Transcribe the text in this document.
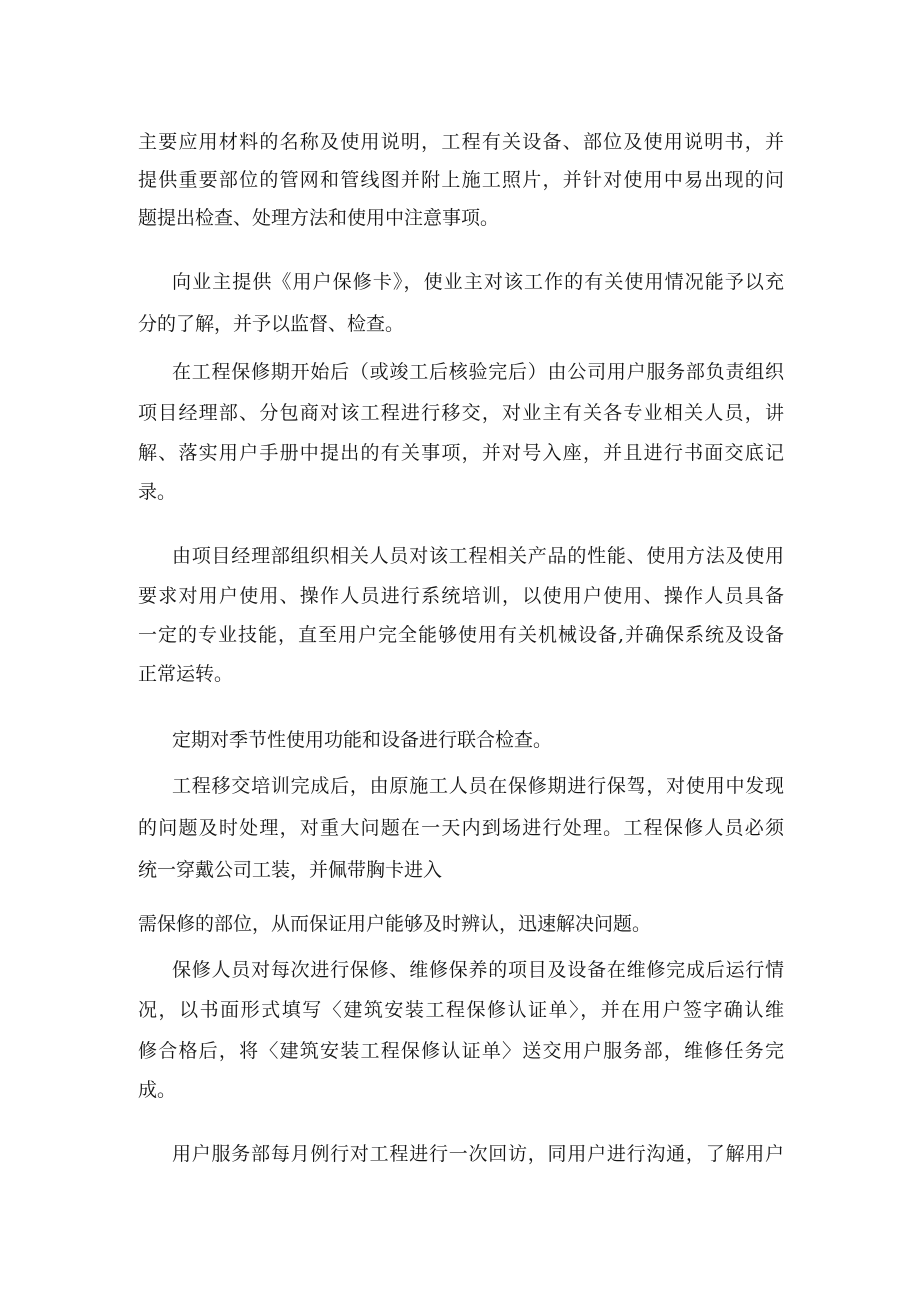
主要应用材料的名称及使用说明，工程有关设备、部位及使用说明书，并
提供重要部位的管网和管线图并附上施工照片，并针对使用中易出现的问
题提出检查、处理方法和使用中注意事项。
向业主提供《用户保修卡》，使业主对该工作的有关使用情况能予以充
分的了解，并予以监督、检查。
在工程保修期开始后（或竣工后核验完后）由公司用户服务部负责组织
项目经理部、分包商对该工程进行移交，对业主有关各专业相关人员，讲
解、落实用户手册中提出的有关事项，并对号入座，并且进行书面交底记
录。
由项目经理部组织相关人员对该工程相关产品的性能、使用方法及使用
要求对用户使用、操作人员进行系统培训，以使用户使用、操作人员具备
一定的专业技能，直至用户完全能够使用有关机械设备,并确保系统及设备
正常运转。
定期对季节性使用功能和设备进行联合检查。
工程移交培训完成后，由原施工人员在保修期进行保驾，对使用中发现
的问题及时处理，对重大问题在一天内到场进行处理。工程保修人员必须
统一穿戴公司工装，并佩带胸卡进入
需保修的部位，从而保证用户能够及时辨认，迅速解决问题。
保修人员对每次进行保修、维修保养的项目及设备在维修完成后运行情
况，以书面形式填写〈建筑安装工程保修认证单〉，并在用户签字确认维
修合格后，将〈建筑安装工程保修认证单〉送交用户服务部，维修任务完
成。
用户服务部每月例行对工程进行一次回访，同用户进行沟通，了解用户
